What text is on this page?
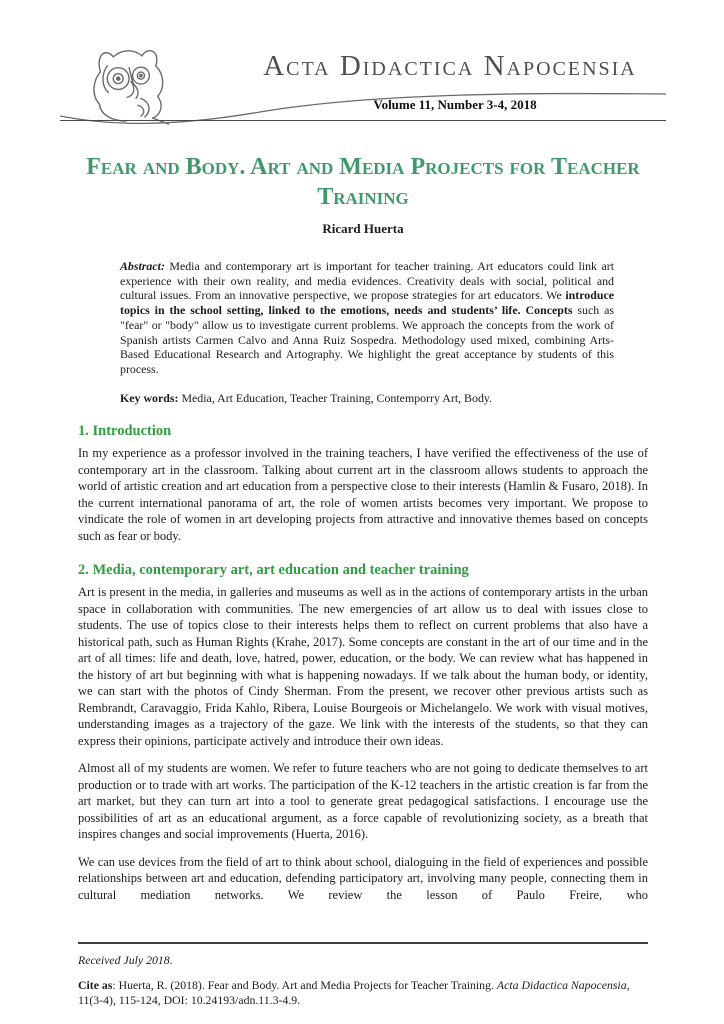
Acta Didactica Napocensia
Volume 11, Number 3-4, 2018
Fear and Body. Art and Media Projects for Teacher Training
Ricard Huerta
Abstract: Media and contemporary art is important for teacher training. Art educators could link art experience with their own reality, and media evidences. Creativity deals with social, political and cultural issues. From an innovative perspective, we propose strategies for art educators. We introduce topics in the school setting, linked to the emotions, needs and students’ life. Concepts such as "fear" or "body" allow us to investigate current problems. We approach the concepts from the work of Spanish artists Carmen Calvo and Anna Ruiz Sospedra. Methodology used mixed, combining Arts-Based Educational Research and Artography. We highlight the great acceptance by students of this process.
Key words: Media, Art Education, Teacher Training, Contemporry Art, Body.
1. Introduction

In my experience as a professor involved in the training teachers, I have verified the effectiveness of the use of contemporary art in the classroom. Talking about current art in the classroom allows students to approach the world of artistic creation and art education from a perspective close to their interests (Hamlin & Fusaro, 2018). In the current international panorama of art, the role of women artists becomes very important. We propose to vindicate the role of women in art developing projects from attractive and innovative themes based on concepts such as fear or body.

2. Media, contemporary art, art education and teacher training

Art is present in the media, in galleries and museums as well as in the actions of contemporary artists in the urban space in collaboration with communities. The new emergencies of art allow us to deal with issues close to students. The use of topics close to their interests helps them to reflect on current problems that also have a historical path, such as Human Rights (Krahe, 2017). Some concepts are constant in the art of our time and in the art of all times: life and death, love, hatred, power, education, or the body. We can review what has happened in the history of art but beginning with what is happening nowadays. If we talk about the human body, or identity, we can start with the photos of Cindy Sherman. From the present, we recover other previous artists such as Rembrandt, Caravaggio, Frida Kahlo, Ribera, Louise Bourgeois or Michelangelo. We work with visual motives, understanding images as a trajectory of the gaze. We link with the interests of the students, so that they can express their opinions, participate actively and introduce their own ideas.

Almost all of my students are women. We refer to future teachers who are not going to dedicate themselves to art production or to trade with art works. The participation of the K-12 teachers in the artistic creation is far from the art market, but they can turn art into a tool to generate great pedagogical satisfactions. I encourage use the possibilities of art as an educational argument, as a force capable of revolutionizing society, as a breath that inspires changes and social improvements (Huerta, 2016).

We can use devices from the field of art to think about school, dialoguing in the field of experiences and possible relationships between art and education, defending participatory art, involving many people, connecting them in cultural mediation networks. We review the lesson of Paulo Freire, who

Received July 2018.
Cite as: Huerta, R. (2018). Fear and Body. Art and Media Projects for Teacher Training. Acta Didactica Napocensia, 11(3-4), 115-124, DOI: 10.24193/adn.11.3-4.9.
